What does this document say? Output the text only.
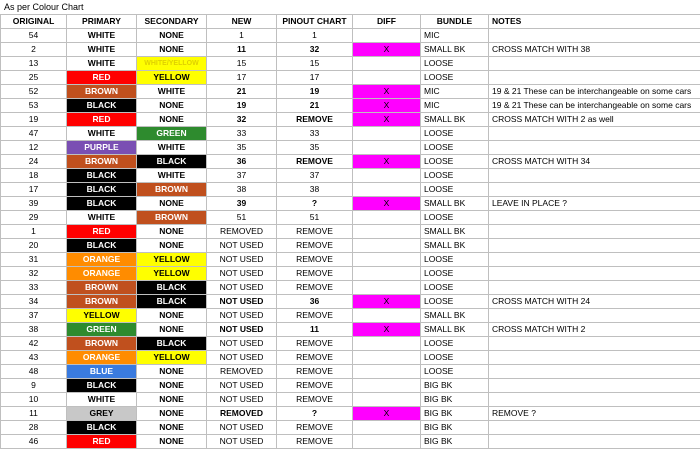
As per Colour Chart
ORIGINAL	PRIMARY	SECONDARY	NEW	PINOUT CHART	DIFF	BUNDLE	NOTES
54	WHITE	NONE	1	1		MIC	
2	WHITE	NONE	11	32	X	SMALL BK	CROSS MATCH WITH 38
13	WHITE	WHITE/YELLOW	15	15		LOOSE	
25	RED	YELLOW	17	17		LOOSE	
52	BROWN	WHITE	21	19	X	MIC	19 & 21 These can be interchangeable on some cars
53	BLACK	NONE	19	21	X	MIC	19 & 21 These can be interchangeable on some cars
19	RED	NONE	32	REMOVE	X	SMALL BK	CROSS MATCH WITH 2 as well
47	WHITE	GREEN	33	33		LOOSE	
12	PURPLE	WHITE	35	35		LOOSE	
24	BROWN	BLACK	36	REMOVE	X	LOOSE	CROSS MATCH WITH 34
18	BLACK	WHITE	37	37		LOOSE	
17	BLACK	BROWN	38	38		LOOSE	
39	BLACK	NONE	39	?	X	SMALL BK	LEAVE IN PLACE ?
29	WHITE	BROWN	51	51		LOOSE	
1	RED	NONE	REMOVED	REMOVE		SMALL BK	
20	BLACK	NONE	NOT USED	REMOVE		SMALL BK	
31	ORANGE	YELLOW	NOT USED	REMOVE		LOOSE	
32	ORANGE	YELLOW	NOT USED	REMOVE		LOOSE	
33	BROWN	BLACK	NOT USED	REMOVE		LOOSE	
34	BROWN	BLACK	NOT USED	36	X	LOOSE	CROSS MATCH WITH 24
37	YELLOW	NONE	NOT USED	REMOVE		SMALL BK	
38	GREEN	NONE	NOT USED	11	X	SMALL BK	CROSS MATCH WITH 2
42	BROWN	BLACK	NOT USED	REMOVE		LOOSE	
43	ORANGE	YELLOW	NOT USED	REMOVE		LOOSE	
48	BLUE	NONE	REMOVED	REMOVE		LOOSE	
9	BLACK	NONE	NOT USED	REMOVE		BIG BK	
10	WHITE	NONE	NOT USED	REMOVE		BIG BK	
11	GREY	NONE	REMOVED	?	X	BIG BK	REMOVE ?
28	BLACK	NONE	NOT USED	REMOVE		BIG BK	
46	RED	NONE	NOT USED	REMOVE		BIG BK	
